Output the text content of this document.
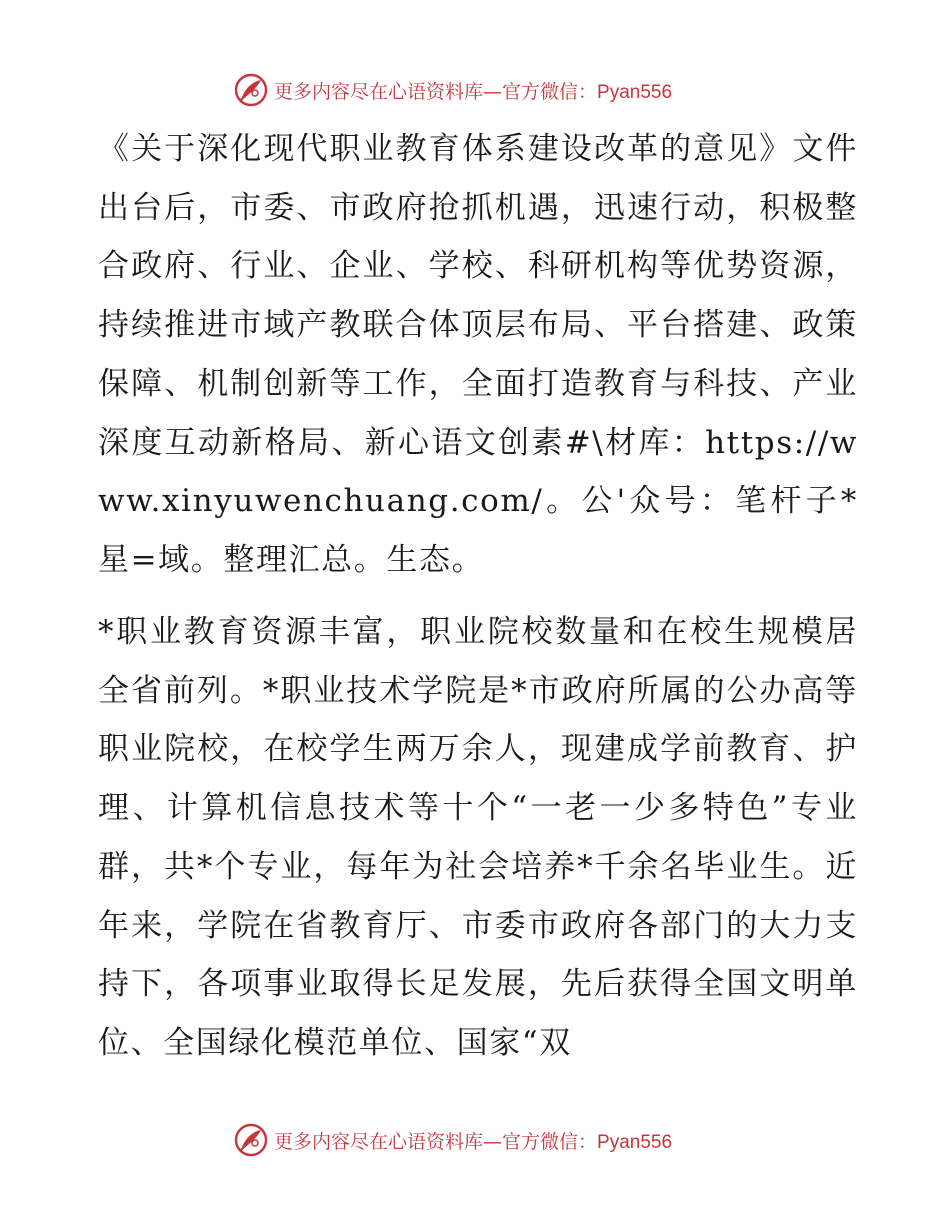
更多内容尽在心语资料库—官方微信：Pyan556

《关于深化现代职业教育体系建设改革的意见》文件出台后，市委、市政府抢抓机遇，迅速行动，积极整合政府、行业、企业、学校、科研机构等优势资源，持续推进市域产教联合体顶层布局、平台搭建、政策保障、机制创新等工作，全面打造教育与科技、产业深度互动新格局、新心语文创素#\材库：https://www.xinyuwenchuang.com/。公'众号：笔杆子*星=域。整理汇总。生态。

*职业教育资源丰富，职业院校数量和在校生规模居全省前列。*职业技术学院是*市政府所属的公办高等职业院校，在校学生两万余人，现建成学前教育、护理、计算机信息技术等十个“一老一少多特色”专业群，共*个专业，每年为社会培养*千余名毕业生。近年来，学院在省教育厅、市委市政府各部门的大力支持下，各项事业取得长足发展，先后获得全国文明单位、全国绿化模范单位、国家“双

更多内容尽在心语资料库—官方微信：Pyan556
